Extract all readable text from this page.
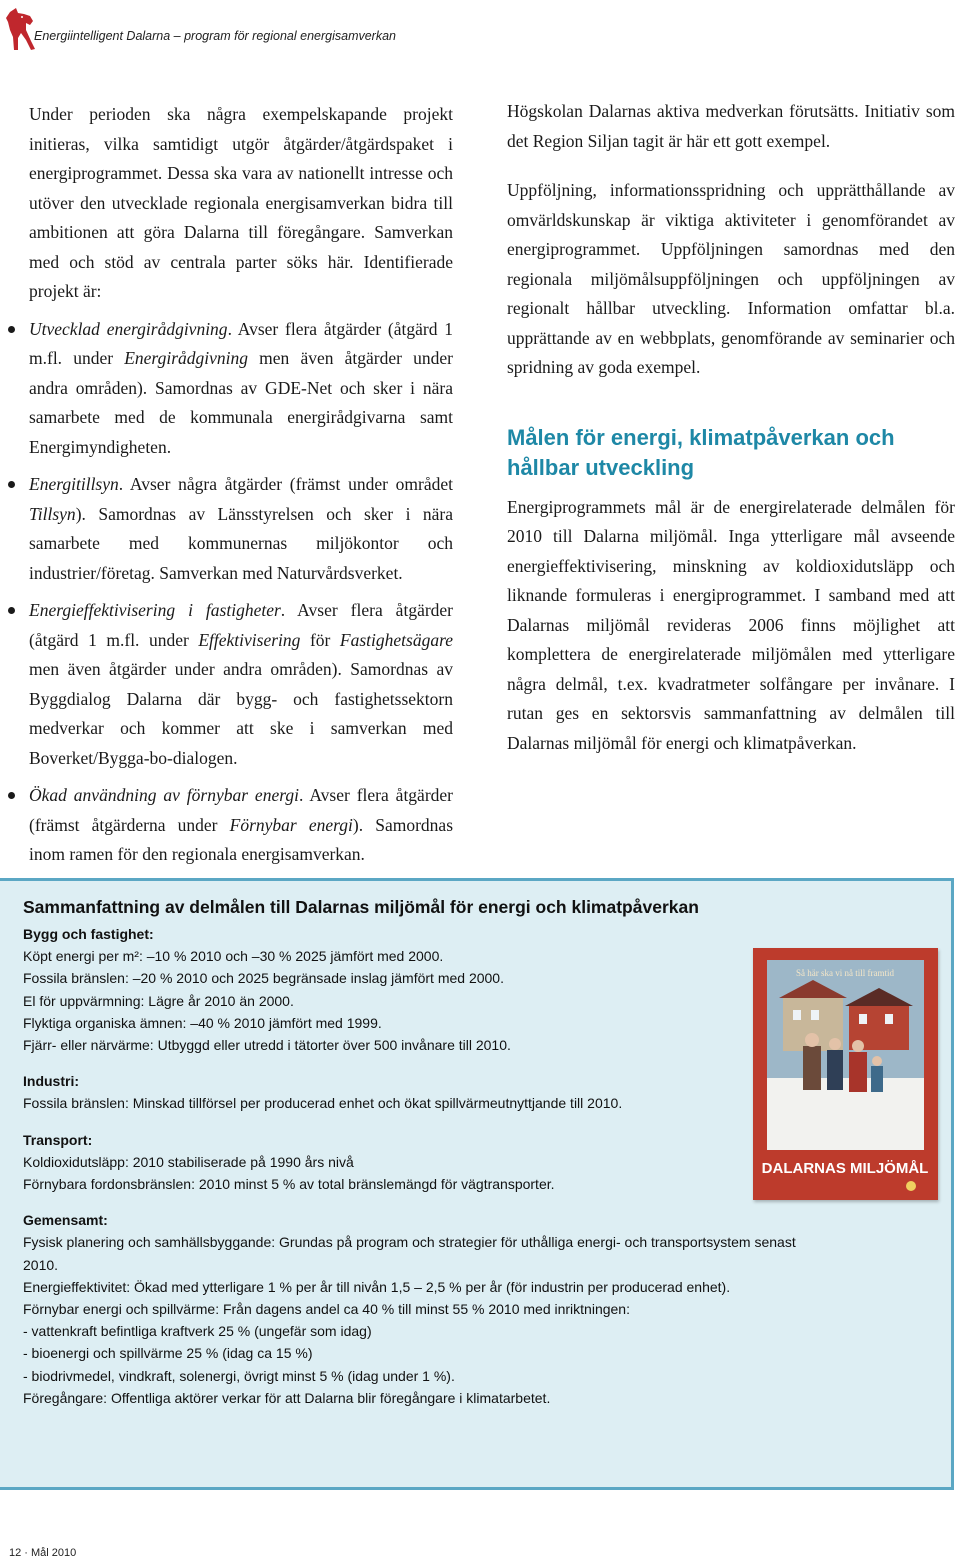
Energiintelligent Dalarna – program för regional energisamverkan

Under perioden ska några exempelskapande projekt initieras, vilka samtidigt utgör åtgärder/åtgärdspaket i energiprogrammet. Dessa ska vara av nationellt intresse och utöver den utvecklade regionala energisamverkan bidra till ambitionen att göra Dalarna till föregångare. Samverkan med och stöd av centrala parter söks här. Identifierade projekt är:

Utvecklad energirådgivning. Avser flera åtgärder (åtgärd 1 m.fl. under Energirådgivning men även åtgärder under andra områden). Samordnas av GDE-Net och sker i nära samarbete med de kommunala energirådgivarna samt Energimyndigheten.

Energitillsyn. Avser några åtgärder (främst under området Tillsyn). Samordnas av Länsstyrelsen och sker i nära samarbete med kommunernas miljökontor och industrier/företag. Samverkan med Naturvårdsverket.

Energieffektivisering i fastigheter. Avser flera åtgärder (åtgärd 1 m.fl. under Effektivisering för Fastighetsägare men även åtgärder under andra områden). Samordnas av Byggdialog Dalarna där bygg- och fastighetssektorn medverkar och kommer att ske i samverkan med Boverket/Bygga-bo-dialogen.

Ökad användning av förnybar energi. Avser flera åtgärder (främst åtgärderna under Förnybar energi). Samordnas inom ramen för den regionala energisamverkan.

Högskolan Dalarnas aktiva medverkan förutsätts. Initiativ som det Region Siljan tagit är här ett gott exempel.

Uppföljning, informationsspridning och upprätthållande av omvärldskunskap är viktiga aktiviteter i genomförandet av energiprogrammet. Uppföljningen samordnas med den regionala miljömålsuppföljningen och uppföljningen av regionalt hållbar utveckling. Information omfattar bl.a. upprättande av en webbplats, genomförande av seminarier och spridning av goda exempel.

Målen för energi, klimatpåverkan och hållbar utveckling

Energiprogrammets mål är de energirelaterade delmålen för 2010 till Dalarna miljömål. Inga ytterligare mål avseende energieffektivisering, minskning av koldioxidutsläpp och liknande formuleras i energiprogrammet. I samband med att Dalarnas miljömål revideras 2006 finns möjlighet att komplettera de energirelaterade miljömålen med ytterligare några delmål, t.ex. kvadratmeter solfångare per invånare. I rutan ges en sektorsvis sammanfattning av delmålen till Dalarnas miljömål för energi och klimatpåverkan.

Sammanfattning av delmålen till Dalarnas miljömål för energi och klimatpåverkan
Bygg och fastighet:
Köpt energi per m²: –10 % 2010 och –30 % 2025 jämfört med 2000.
Fossila bränslen: –20 % 2010 och 2025 begränsade inslag jämfört med 2000.
El för uppvärmning: Lägre år 2010 än 2000.
Flyktiga organiska ämnen: –40 % 2010 jämfört med 1999.
Fjärr- eller närvärme: Utbyggd eller utredd i tätorter över 500 invånare till 2010.
Industri:
Fossila bränslen: Minskad tillförsel per producerad enhet och ökat spillvärmeutnyttjande till 2010.
Transport:
Koldioxidutsläpp: 2010 stabiliserade på 1990 års nivå
Förnybara fordonsbränslen: 2010 minst 5 % av total bränslemängd för vägtransporter.
Gemensamt:
Fysisk planering och samhällsbyggande: Grundas på program och strategier för uthålliga energi- och transportsystem senast 2010.
Energieffektivitet: Ökad med ytterligare 1 % per år till nivån 1,5 – 2,5 % per år (för industrin per producerad enhet).
Förnybar energi och spillvärme: Från dagens andel ca 40 % till minst 55 % 2010 med inriktningen:
- vattenkraft befintliga kraftverk 25 % (ungefär som idag)
- bioenergi och spillvärme 25 % (idag ca 15 %)
- biodrivmedel, vindkraft, solenergi, övrigt minst 5 % (idag under 1 %).
Föregångare: Offentliga aktörer verkar för att Dalarna blir föregångare i klimatarbetet.
Så här ska vi nå till framtid
DALARNAS MILJÖMÅL
12 · Mål 2010
